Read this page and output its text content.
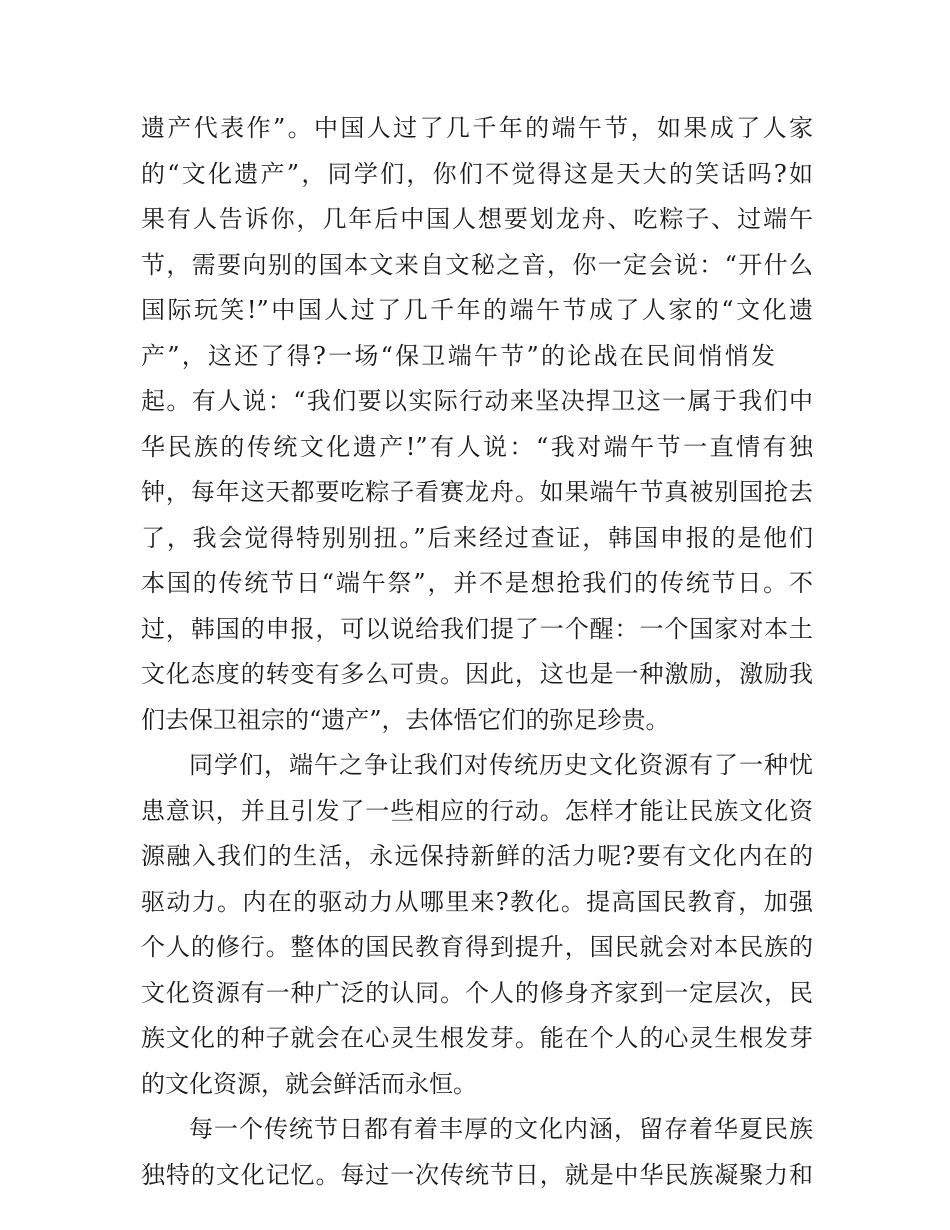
遗产代表作”。中国人过了几千年的端午节，如果成了人家
的“文化遗产”，同学们，你们不觉得这是天大的笑话吗?如
果有人告诉你，几年后中国人想要划龙舟、吃粽子、过端午
节，需要向别的国本文来自文秘之音，你一定会说：“开什么
国际玩笑!”中国人过了几千年的端午节成了人家的“文化遗
产”，这还了得?一场“保卫端午节”的论战在民间悄悄发
起。有人说：“我们要以实际行动来坚决捍卫这一属于我们中
华民族的传统文化遗产!”有人说：“我对端午节一直情有独
钟，每年这天都要吃粽子看赛龙舟。如果端午节真被别国抢去
了，我会觉得特别别扭。”后来经过查证，韩国申报的是他们
本国的传统节日“端午祭”，并不是想抢我们的传统节日。不
过，韩国的申报，可以说给我们提了一个醒：一个国家对本土
文化态度的转变有多么可贵。因此，这也是一种激励，激励我
们去保卫祖宗的“遗产”，去体悟它们的弥足珍贵。
同学们，端午之争让我们对传统历史文化资源有了一种忧
患意识，并且引发了一些相应的行动。怎样才能让民族文化资
源融入我们的生活，永远保持新鲜的活力呢?要有文化内在的
驱动力。内在的驱动力从哪里来?教化。提高国民教育，加强
个人的修行。整体的国民教育得到提升，国民就会对本民族的
文化资源有一种广泛的认同。个人的修身齐家到一定层次，民
族文化的种子就会在心灵生根发芽。能在个人的心灵生根发芽
的文化资源，就会鲜活而永恒。
每一个传统节日都有着丰厚的文化内涵，留存着华夏民族
独特的文化记忆。每过一次传统节日，就是中华民族凝聚力和
